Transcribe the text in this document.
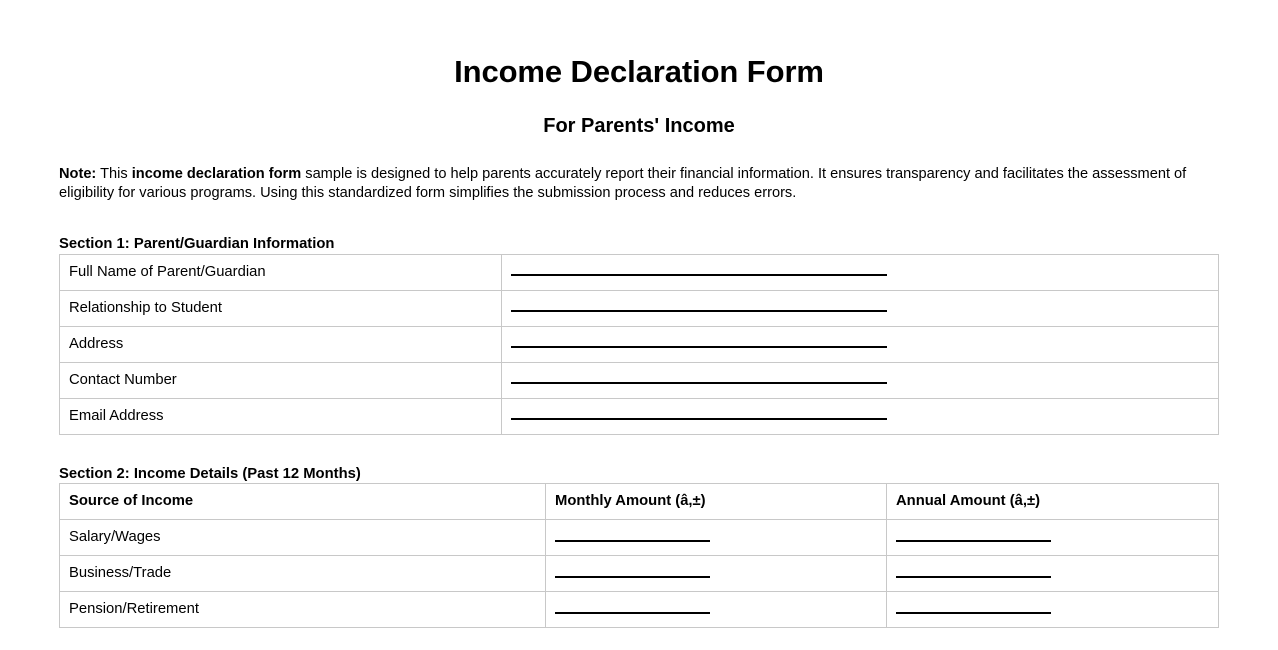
Income Declaration Form
For Parents' Income

Note: This income declaration form sample is designed to help parents accurately report their financial information. It ensures transparency and facilitates the assessment of eligibility for various programs. Using this standardized form simplifies the submission process and reduces errors.

Section 1: Parent/Guardian Information
Full Name of Parent/Guardian	
Relationship to Student	
Address	
Contact Number	
Email Address	
Section 2: Income Details (Past 12 Months)
Source of Income	Monthly Amount (â,±)	Annual Amount (â,±)
Salary/Wages		
Business/Trade		
Pension/Retirement		
